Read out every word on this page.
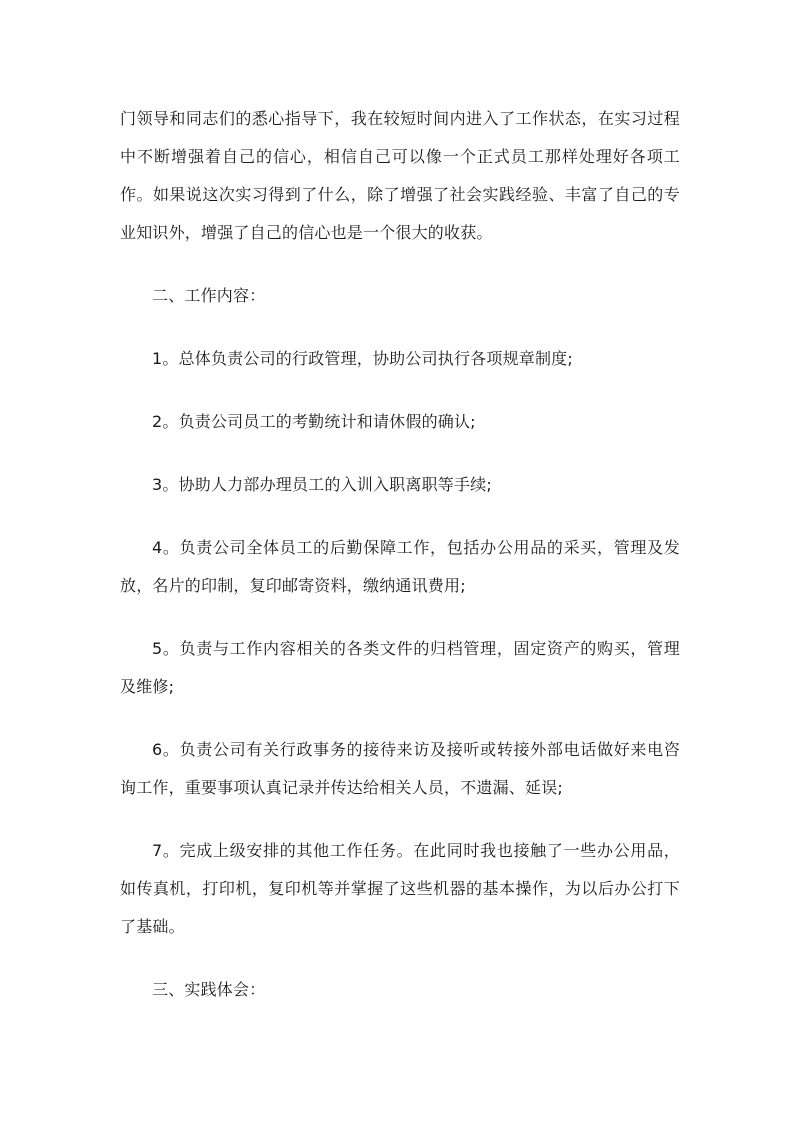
门领导和同志们的悉心指导下，我在较短时间内进入了工作状态，在实习过程中不断增强着自己的信心，相信自己可以像一个正式员工那样处理好各项工作。如果说这次实习得到了什么，除了增强了社会实践经验、丰富了自己的专业知识外，增强了自己的信心也是一个很大的收获。

二、工作内容：

1。总体负责公司的行政管理，协助公司执行各项规章制度;

2。负责公司员工的考勤统计和请休假的确认;

3。协助人力部办理员工的入训入职离职等手续;

4。负责公司全体员工的后勤保障工作，包括办公用品的采买，管理及发放，名片的印制，复印邮寄资料，缴纳通讯费用;

5。负责与工作内容相关的各类文件的归档管理，固定资产的购买，管理及维修;

6。负责公司有关行政事务的接待来访及接听或转接外部电话做好来电咨询工作，重要事项认真记录并传达给相关人员，不遗漏、延误;

7。完成上级安排的其他工作任务。在此同时我也接触了一些办公用品，如传真机，打印机，复印机等并掌握了这些机器的基本操作，为以后办公打下了基础。

三、实践体会：
